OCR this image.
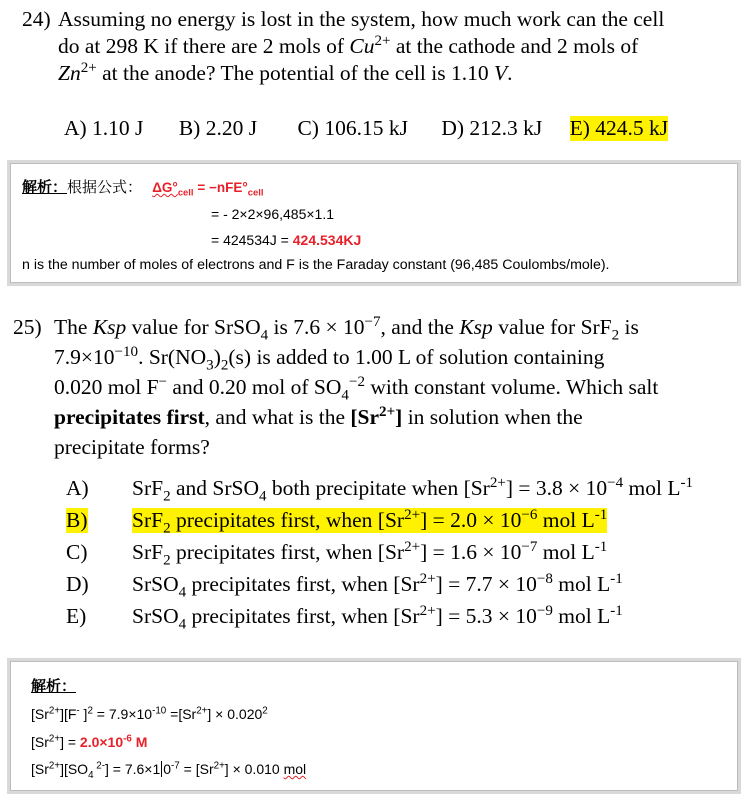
24) Assuming no energy is lost in the system, how much work can the cell
do at 298 K if there are 2 mols of $Cu^{2+}$ at the cathode and 2 mols of
$Zn^{2+}$ at the anode? The potential of the cell is 1.10 V.
A) 1.10 J B) 2.20 J C) 106.15 kJ D) 212.3 kJ E) 424.5 kJ
解析：根据公式： $\Delta G^\circ_{cell} = -nFE^\circ_{cell}$
= - 2×2×96,485×1.1
= 424534J = 424.534KJ
n is the number of moles of electrons and F is the Faraday constant (96,485 Coulombs/mole).
25) The Ksp value for SrSO$_4$ is $7.6 \times 10^{-7}$, and the Ksp value for SrF$_2$ is
$7.9\times 10^{-10}$. $Sr(NO_3)_2(s)$ is added to 1.00 L of solution containing
0.020 mol F− and 0.20 mol of $SO_4^{-2}$ with constant volume. Which salt
precipitates first, and what is the $[Sr^{2+}]$ in solution when the
precipitate forms?
A) SrF$_2$ and SrSO$_4$ both precipitate when $[Sr^{2+}] = 3.8 \times 10^{-4}$ mol $L^{-1}$
B) SrF$_2$ precipitates first, when $[Sr^{2+}] = 2.0 \times 10^{-6}$ mol $L^{-1}$
C) SrF$_2$ precipitates first, when $[Sr^{2+}] = 1.6 \times 10^{-7}$ mol $L^{-1}$
D) SrSO$_4$ precipitates first, when $[Sr^{2+}] = 7.7 \times 10^{-8}$ mol $L^{-1}$
E) SrSO$_4$ precipitates first, when $[Sr^{2+}] = 5.3 \times 10^{-9}$ mol $L^{-1}$
解析：
$[Sr^{2+}][F^-$ ]$^2 = 7.9\times 10^{-10} =[Sr^{2+}] \times 0.020^2$
$[Sr^{2+}] = 2.0\times 10^{-6}$ M
$[Sr^{2+}][SO_4$ $^{2-}$] = 7.6×1 $0^{-7} = [Sr^{2+}] \times 0.010$ mol
